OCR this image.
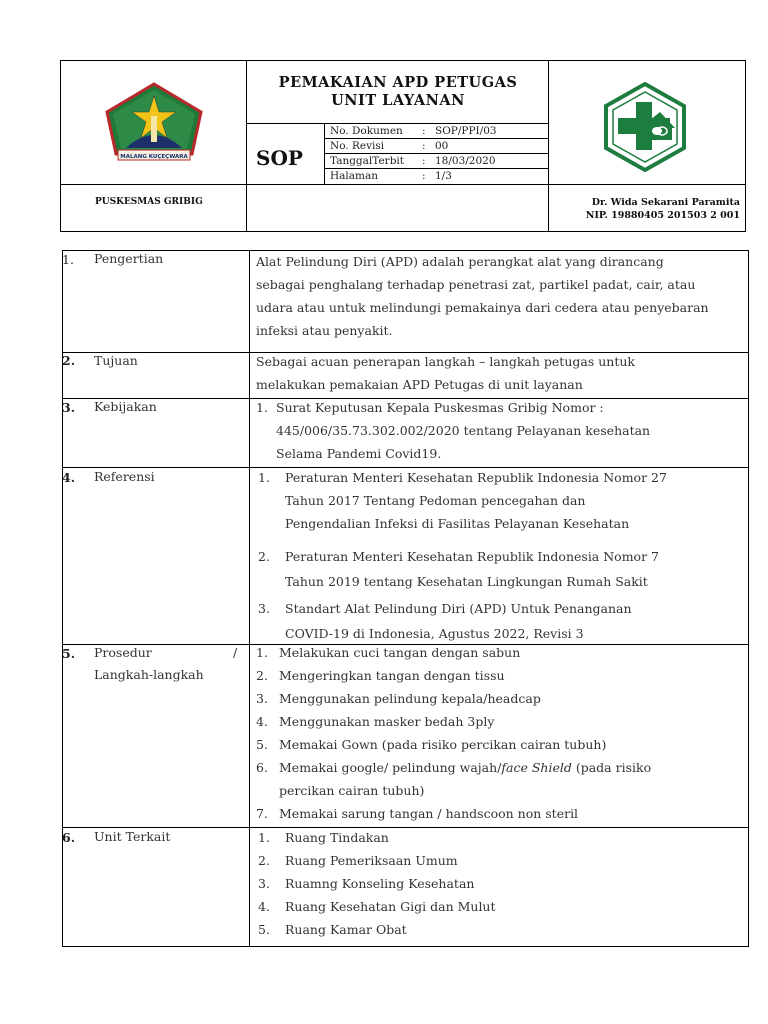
MALANG KUÇEÇWARA
PEMAKAIAN APD PETUGAS
UNIT LAYANAN
SOP
No. Dokumen : SOP/PPI/03
No. Revisi	: 00
TanggalTerbit : 18/03/2020
Halaman	: 1/3
PUSKESMAS GRIBIG	Dr. Wida Sekarani Paramita
NIP. 19880405 201503 2 001
1. Pengertian	Alat Pelindung Diri (APD) adalah perangkat alat yang dirancang
sebagai penghalang terhadap penetrasi zat, partikel padat, cair, atau
udara atau untuk melindungi pemakainya dari cedera atau penyebaran
infeksi atau penyakit.
2. Tujuan	Sebagai acuan penerapan langkah – langkah petugas untuk
melakukan pemakaian APD Petugas di unit layanan
3. Kebijakan	1. Surat Keputusan Kepala Puskesmas Gribig Nomor :
445/006/35.73.302.002/2020 tentang Pelayanan kesehatan
Selama Pandemi Covid19.
4. Referensi	1. Peraturan Menteri Kesehatan Republik Indonesia Nomor 27
Tahun 2017 Tentang Pedoman pencegahan dan
Pengendalian Infeksi di Fasilitas Pelayanan Kesehatan
2. Peraturan Menteri Kesehatan Republik Indonesia Nomor 7
Tahun 2019 tentang Kesehatan Lingkungan Rumah Sakit
3. Standart Alat Pelindung Diri (APD) Untuk Penanganan
COVID-19 di Indonesia, Agustus 2022, Revisi 3
5. Prosedur	/
Langkah-langkah
1. Melakukan cuci tangan dengan sabun
2. Mengeringkan tangan dengan tissu
3. Menggunakan pelindung kepala/headcap
4. Menggunakan masker bedah 3ply
5. Memakai Gown (pada risiko percikan cairan tubuh)
6. Memakai google/ pelindung wajah/face Shield (pada risiko
percikan cairan tubuh)
7. Memakai sarung tangan / handscoon non steril
6. Unit Terkait	1. Ruang Tindakan
2. Ruang Pemeriksaan Umum
3. Ruamng Konseling Kesehatan
4. Ruang Kesehatan Gigi dan Mulut
5. Ruang Kamar Obat
